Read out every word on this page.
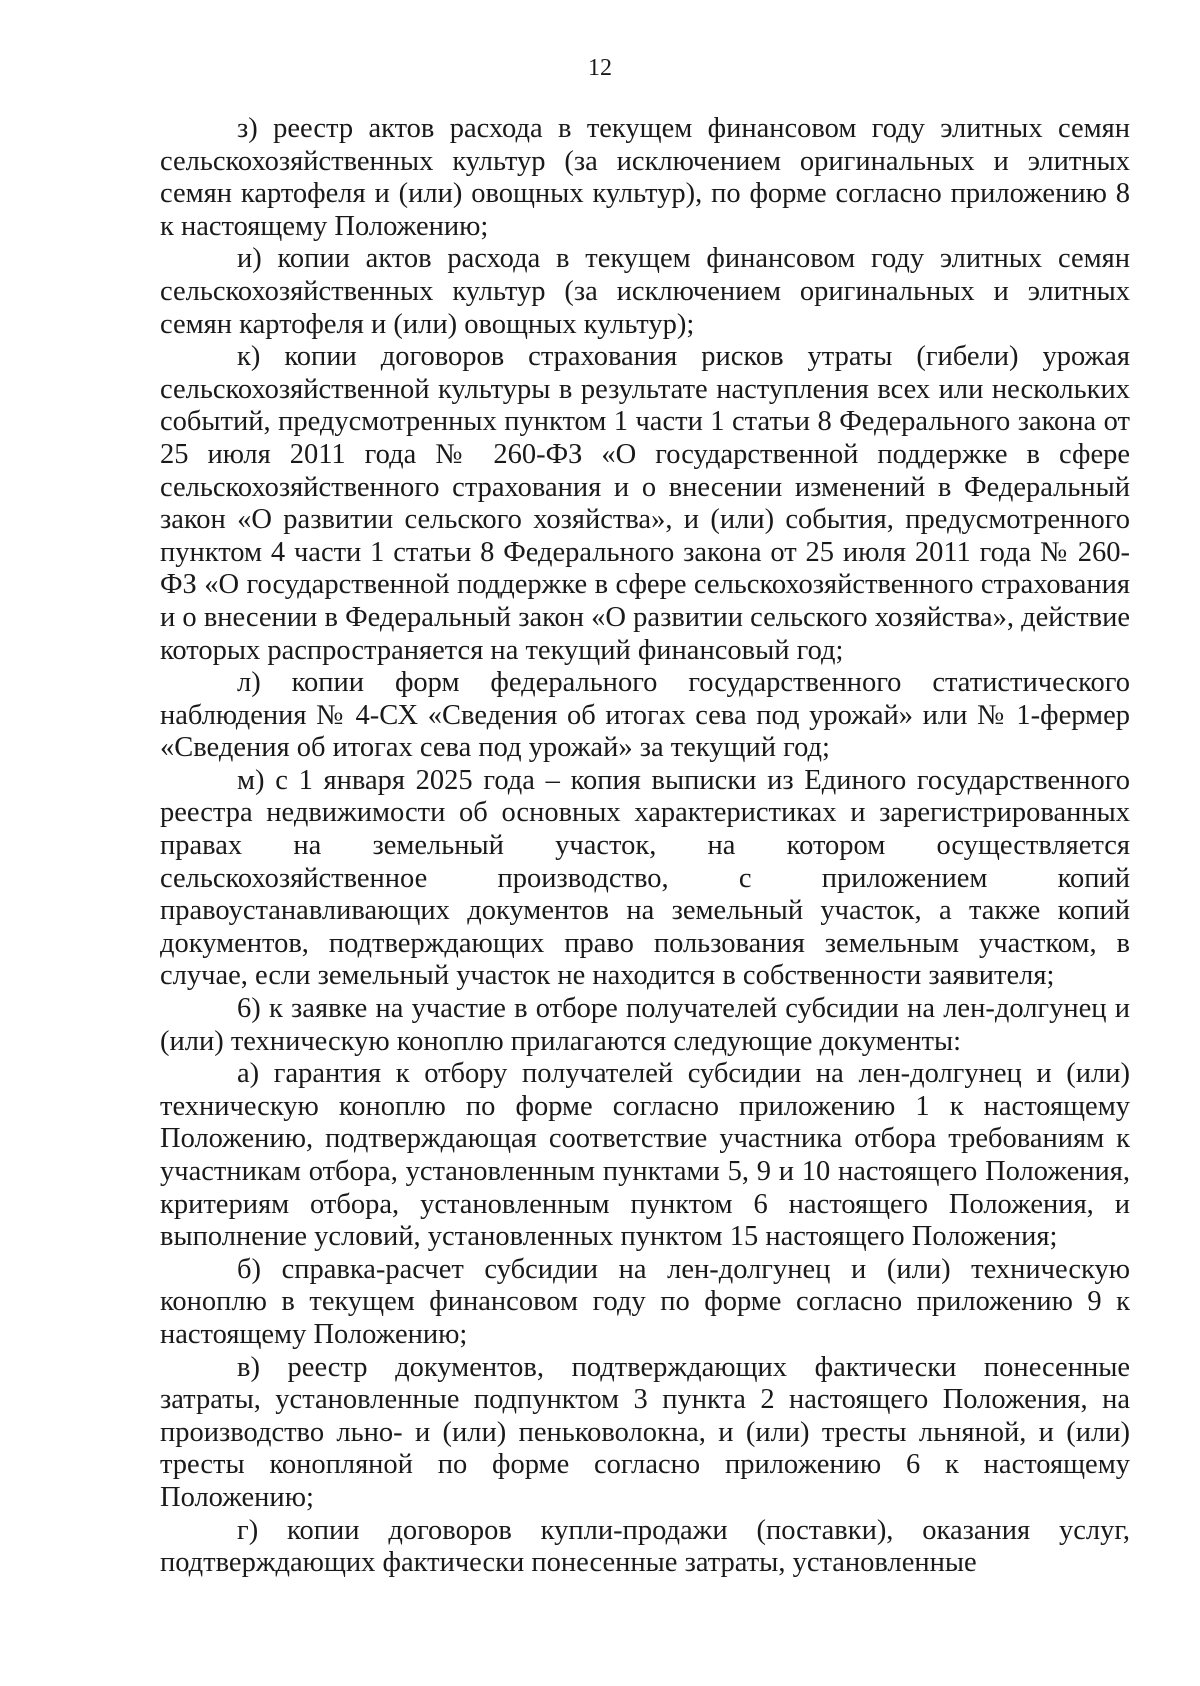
12

з) реестр актов расхода в текущем финансовом году элитных семян сельскохозяйственных культур (за исключением оригинальных и элитных семян картофеля и (или) овощных культур), по форме согласно приложению 8 к настоящему Положению;

и) копии актов расхода в текущем финансовом году элитных семян сельскохозяйственных культур (за исключением оригинальных и элитных семян картофеля и (или) овощных культур);

к) копии договоров страхования рисков утраты (гибели) урожая сельскохозяйственной культуры в результате наступления всех или нескольких событий, предусмотренных пунктом 1 части 1 статьи 8 Федерального закона от 25 июля 2011 года № 260-ФЗ «О государственной поддержке в сфере сельскохозяйственного страхования и о внесении изменений в Федеральный закон «О развитии сельского хозяйства», и (или) события, предусмотренного пунктом 4 части 1 статьи 8 Федерального закона от 25 июля 2011 года № 260-ФЗ «О государственной поддержке в сфере сельскохозяйственного страхования и о внесении в Федеральный закон «О развитии сельского хозяйства», действие которых распространяется на текущий финансовый год;

л) копии форм федерального государственного статистического наблюдения № 4-СХ «Сведения об итогах сева под урожай» или № 1-фермер «Сведения об итогах сева под урожай» за текущий год;

м) с 1 января 2025 года – копия выписки из Единого государственного реестра недвижимости об основных характеристиках и зарегистрированных правах на земельный участок, на котором осуществляется сельскохозяйственное производство, с приложением копий правоустанавливающих документов на земельный участок, а также копий документов, подтверждающих право пользования земельным участком, в случае, если земельный участок не находится в собственности заявителя;

6) к заявке на участие в отборе получателей субсидии на лен-долгунец и (или) техническую коноплю прилагаются следующие документы:

а) гарантия к отбору получателей субсидии на лен-долгунец и (или) техническую коноплю по форме согласно приложению 1 к настоящему Положению, подтверждающая соответствие участника отбора требованиям к участникам отбора, установленным пунктами 5, 9 и 10 настоящего Положения, критериям отбора, установленным пунктом 6 настоящего Положения, и выполнение условий, установленных пунктом 15 настоящего Положения;

б) справка-расчет субсидии на лен-долгунец и (или) техническую коноплю в текущем финансовом году по форме согласно приложению 9 к настоящему Положению;

в) реестр документов, подтверждающих фактически понесенные затраты, установленные подпунктом 3 пункта 2 настоящего Положения, на производство льно- и (или) пеньковолокна, и (или) тресты льняной, и (или) тресты конопляной по форме согласно приложению 6 к настоящему Положению;

г) копии договоров купли-продажи (поставки), оказания услуг, подтверждающих фактически понесенные затраты, установленные
